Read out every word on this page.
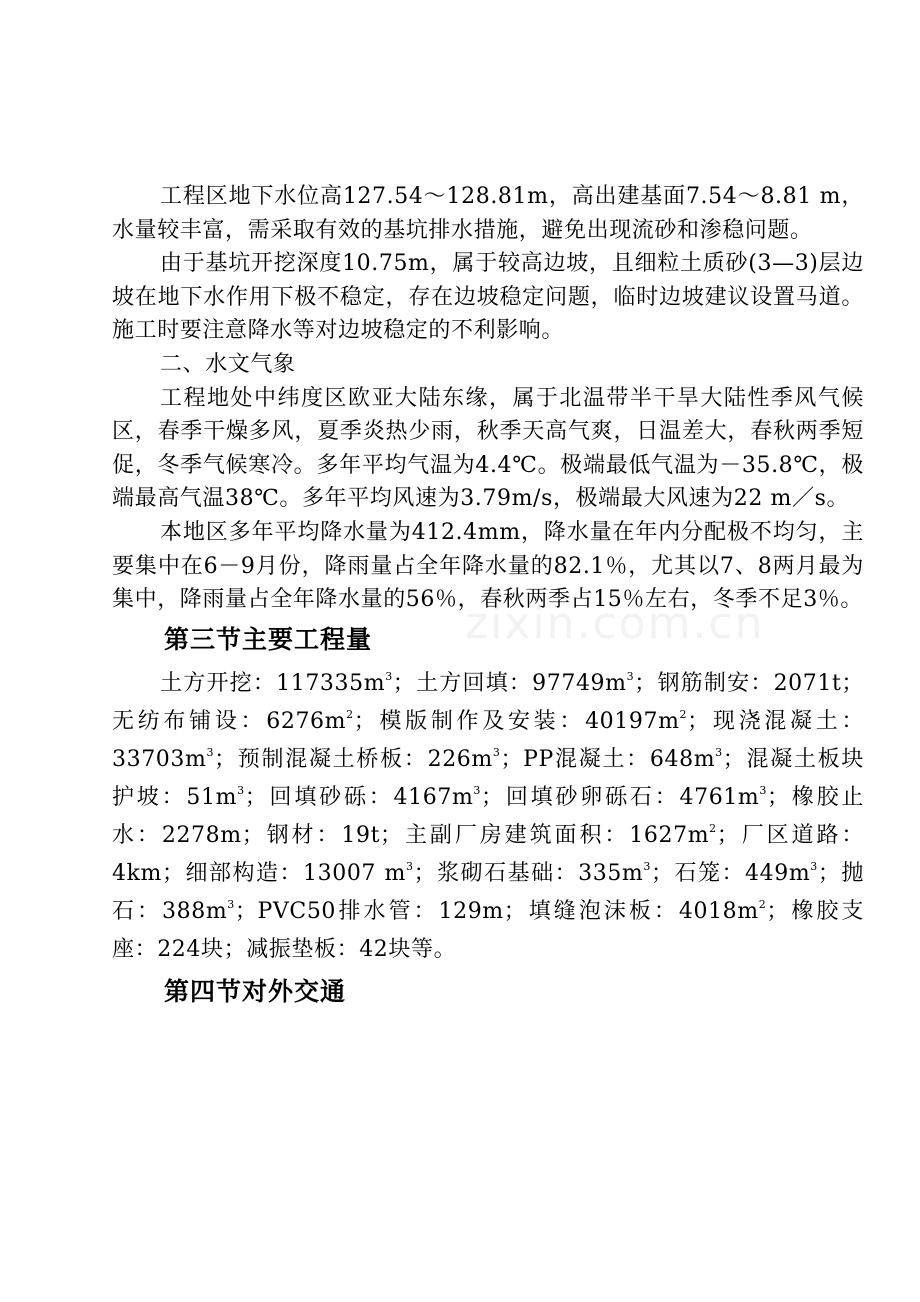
zixin.com.cn

工程区地下水位高127.54～128.81m，高出建基面7.54～8.81 m，水量较丰富，需采取有效的基坑排水措施，避免出现流砂和渗稳问题。

由于基坑开挖深度10.75m，属于较高边坡，且细粒土质砂(3—3)层边坡在地下水作用下极不稳定，存在边坡稳定问题，临时边坡建议设置马道。施工时要注意降水等对边坡稳定的不利影响。

二、水文气象

工程地处中纬度区欧亚大陆东缘，属于北温带半干旱大陆性季风气候区，春季干燥多风，夏季炎热少雨，秋季天高气爽，日温差大，春秋两季短促，冬季气候寒冷。多年平均气温为4.4℃。极端最低气温为－35.8℃，极端最高气温38℃。多年平均风速为3.79m/s，极端最大风速为22 m／s。

本地区多年平均降水量为412.4mm，降水量在年内分配极不均匀，主要集中在6－9月份，降雨量占全年降水量的82.1％，尤其以7、8两月最为集中，降雨量占全年降水量的56％，春秋两季占15％左右，冬季不足3％。

第三节主要工程量

土方开挖：$117335m^3$；土方回填：$97749m^3$；钢筋制安：2071t；无纺布铺设：$6276m^2$；模版制作及安装：$40197m^2$；现浇混凝土：$33703m^3$；预制混凝土桥板：$226m^3$；PP混凝土：$648m^3$；混凝土板块护坡：$51m^3$；回填砂砾：$4167m^3$；回填砂卵砾石：$4761m^3$；橡胶止水：2278m；钢材：19t；主副厂房建筑面积：$1627m^2$；厂区道路：4km；细部构造：13007 $m^3$；浆砌石基础：$335m^3$；石笼：$449m^3$；抛石：$388m^3$；PVC50排水管：129m；填缝泡沫板：$4018m^2$；橡胶支座：224块；减振垫板：42块等。

第四节对外交通
